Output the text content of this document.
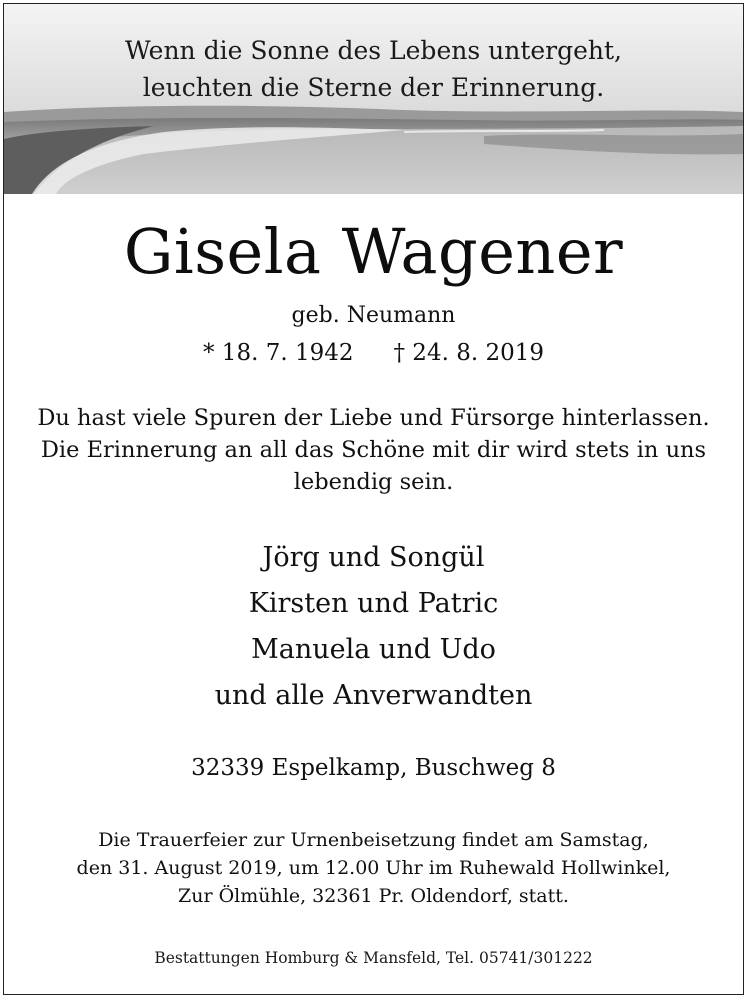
Wenn die Sonne des Lebens untergeht,
leuchten die Sterne der Erinnerung.
Gisela Wagener
geb. Neumann
* 18. 7. 1942 † 24. 8. 2019
Du hast viele Spuren der Liebe und Fürsorge hinterlassen.
Die Erinnerung an all das Schöne mit dir wird stets in uns
lebendig sein.
Jörg und Songül
Kirsten und Patric
Manuela und Udo
und alle Anverwandten
32339 Espelkamp, Buschweg 8
Die Trauerfeier zur Urnenbeisetzung findet am Samstag,
den 31. August 2019, um 12.00 Uhr im Ruhewald Hollwinkel,
Zur Ölmühle, 32361 Pr. Oldendorf, statt.
Bestattungen Homburg & Mansfeld, Tel. 05741/301222
